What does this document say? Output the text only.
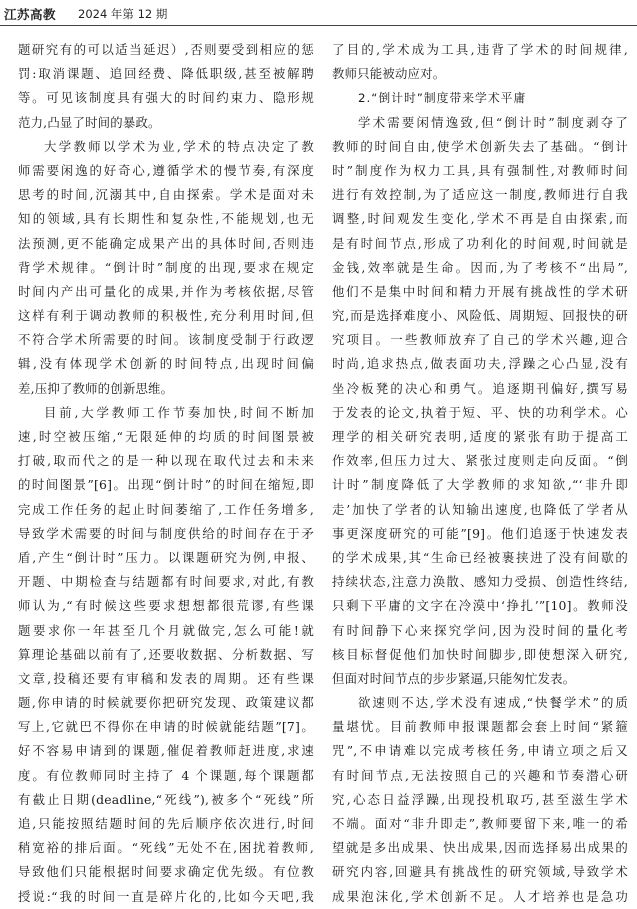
江苏高教 2024 年第 12 期
题研究有的可以适当延迟）,否则要受到相应的惩
罚:取消课题、追回经费、降低职级,甚至被解聘
等。可见该制度具有强大的时间约束力、隐形规
范力,凸显了时间的暴政。
大学教师以学术为业,学术的特点决定了教
师需要闲逸的好奇心,遵循学术的慢节奏,有深度
思考的时间,沉溺其中,自由探索。学术是面对未
知的领域,具有长期性和复杂性,不能规划,也无
法预测,更不能确定成果产出的具体时间,否则违
背学术规律。“倒计时”制度的出现,要求在规定
时间内产出可量化的成果,并作为考核依据,尽管
这样有利于调动教师的积极性,充分利用时间,但
不符合学术所需要的时间。该制度受制于行政逻
辑,没有体现学术创新的时间特点,出现时间偏
差,压抑了教师的创新思维。
目前,大学教师工作节奏加快,时间不断加
速,时空被压缩,“无限延伸的均质的时间图景被
打破,取而代之的是一种以现在取代过去和未来
的时间图景”[6]。出现“倒计时”的时间在缩短,即
完成工作任务的起止时间萎缩了,工作任务增多,
导致学术需要的时间与制度供给的时间存在于矛
盾,产生“倒计时”压力。以课题研究为例,申报、
开题、中期检查与结题都有时间要求,对此,有教
师认为,“有时候这些要求想想都很荒谬,有些课
题要求你一年甚至几个月就做完,怎么可能!就
算理论基础以前有了,还要收数据、分析数据、写
文章,投稿还要有审稿和发表的周期。还有些课
题,你申请的时候就要你把研究发现、政策建议都
写上,它就巴不得你在申请的时候就能结题”[7]。
好不容易申请到的课题,催促着教师赶进度,求速
度。有位教师同时主持了 4 个课题,每个课题都
有截止日期(deadline,“死线”),被多个“死线”所
追,只能按照结题时间的先后顺序依次进行,时间
稍宽裕的排后面。“死线”无处不在,困扰着教师,
导致他们只能根据时间要求确定优先级。有位教
授说:“我的时间一直是碎片化的,比如今天吧,我
了目的,学术成为工具,违背了学术的时间规律,
教师只能被动应对。
2.“倒计时”制度带来学术平庸
学术需要闲情逸致,但“倒计时”制度剥夺了
教师的时间自由,使学术创新失去了基础。“倒计
时”制度作为权力工具,具有强制性,对教师时间
进行有效控制,为了适应这一制度,教师进行自我
调整,时间观发生变化,学术不再是自由探索,而
是有时间节点,形成了功利化的时间观,时间就是
金钱,效率就是生命。因而,为了考核不“出局”,
他们不是集中时间和精力开展有挑战性的学术研
究,而是选择难度小、风险低、周期短、回报快的研
究项目。一些教师放弃了自己的学术兴趣,迎合
时尚,追求热点,做表面功夫,浮躁之心凸显,没有
坐冷板凳的决心和勇气。追逐期刊偏好,撰写易
于发表的论文,执着于短、平、快的功利学术。心
理学的相关研究表明,适度的紧张有助于提高工
作效率,但压力过大、紧张过度则走向反面。“倒
计时”制度降低了大学教师的求知欲,“‘非升即
走’加快了学者的认知输出速度,也降低了学者从
事更深度研究的可能”[9]。他们追逐于快速发表
的学术成果,其“生命已经被裹挟进了没有间歇的
持续状态,注意力涣散、感知力受损、创造性终结,
只剩下平庸的文字在冷漠中‘挣扎’”[10]。教师没
有时间静下心来探究学问,因为没时间的量化考
核目标督促他们加快时间脚步,即使想深入研究,
但面对时间节点的步步紧逼,只能匆忙发表。
欲速则不达,学术没有速成,“快餐学术”的质
量堪忧。目前教师申报课题都会套上时间“紧箍
咒”,不申请难以完成考核任务,申请立项之后又
有时间节点,无法按照自己的兴趣和节奏潜心研
究,心态日益浮躁,出现投机取巧,甚至滋生学术
不端。面对“非升即走”,教师要留下来,唯一的希
望就是多出成果、快出成果,因而选择易出成果的
研究内容,回避具有挑战性的研究领域,导致学术
成果泡沫化,学术创新不足。人才培养也是急功
